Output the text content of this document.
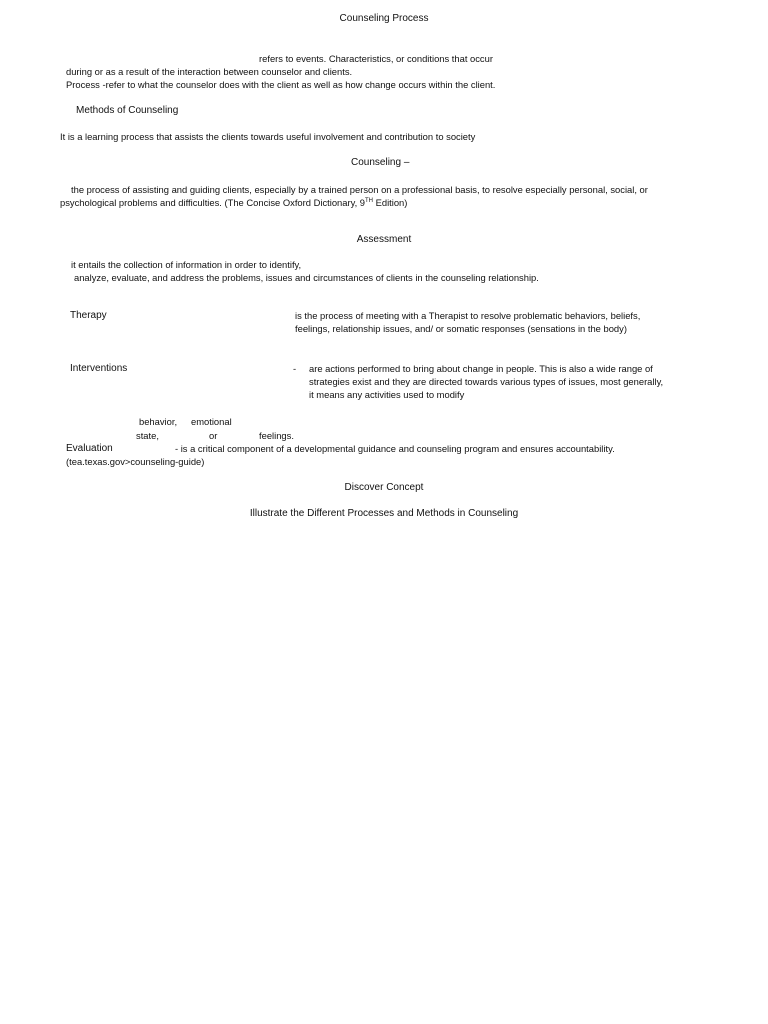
Counseling Process
refers to events. Characteristics, or conditions that occur
during or as a result of the interaction between counselor and clients.
Process -refer to what the counselor does with the client as well as how change occurs within the client.
Methods of Counseling
It is a learning process that assists the clients towards useful involvement and contribution to society
Counseling –
the process of assisting and guiding clients, especially by a trained person on a professional basis, to resolve especially personal, social, or
psychological problems and difficulties. (The Concise Oxford Dictionary, 9TH Edition)
Assessment
it entails the collection of information in order to identify,
analyze, evaluate, and address the problems, issues and circumstances of clients in the counseling relationship.
Therapy	is the process of meeting with a Therapist to resolve problematic behaviors, beliefs,
feelings, relationship issues, and/ or somatic responses (sensations in the body)
Interventions	- are actions performed to bring about change in people. This is also a wide range of
strategies exist and they are directed towards various types of issues, most generally,
it means any activities used to modify
behavior, emotional
state,	or	feelings.
Evaluation	- is a critical component of a developmental guidance and counseling program and ensures accountability.
(tea.texas.gov>counseling-guide)
Discover Concept
Illustrate the Different Processes and Methods in Counseling
